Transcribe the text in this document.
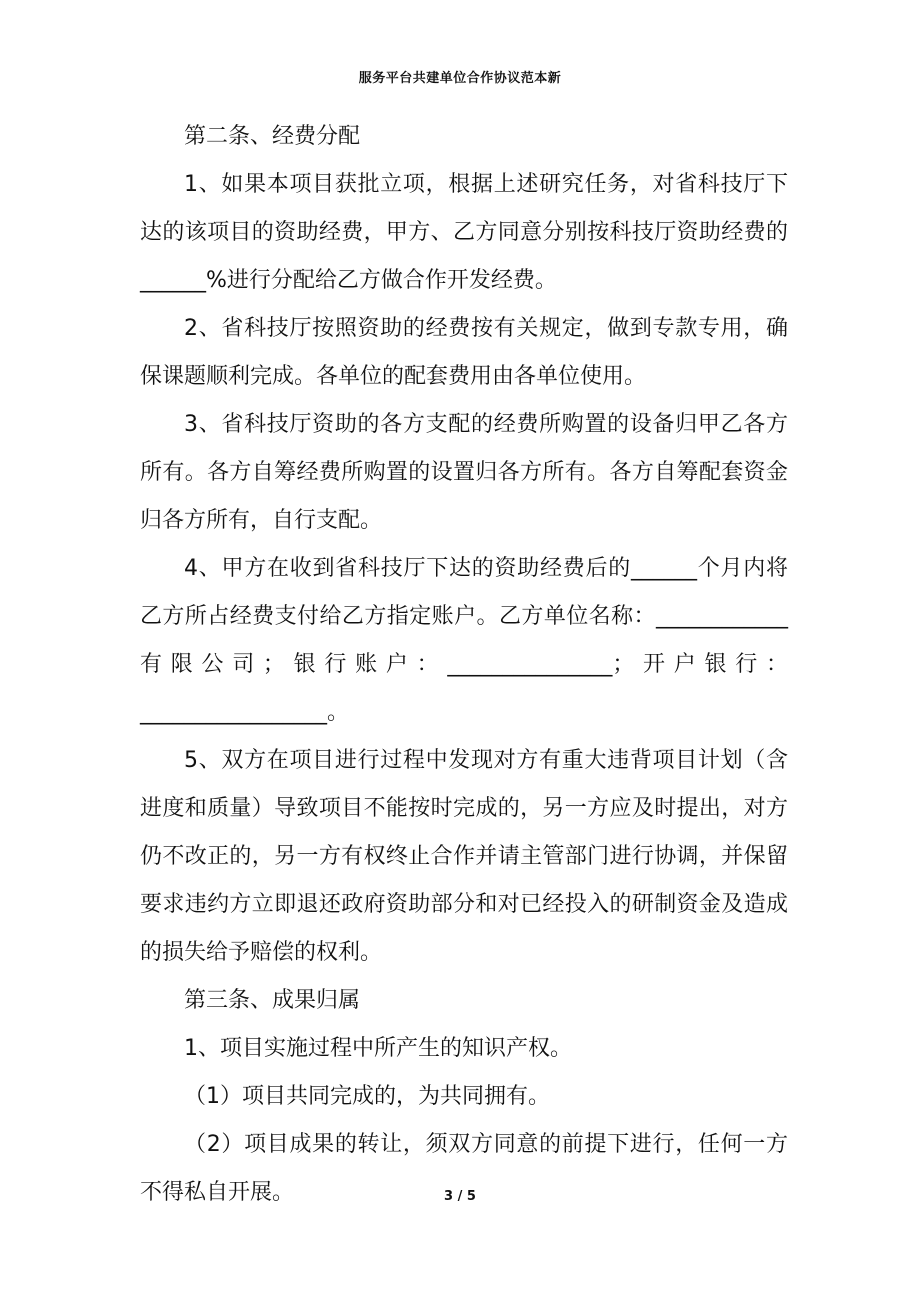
服务平台共建单位合作协议范本新

第二条、经费分配

1、如果本项目获批立项，根据上述研究任务，对省科技厅下达的该项目的资助经费，甲方、乙方同意分别按科技厅资助经费的______%进行分配给乙方做合作开发经费。

2、省科技厅按照资助的经费按有关规定，做到专款专用，确保课题顺利完成。各单位的配套费用由各单位使用。

3、省科技厅资助的各方支配的经费所购置的设备归甲乙各方所有。各方自筹经费所购置的设置归各方所有。各方自筹配套资金归各方所有，自行支配。

4、甲方在收到省科技厅下达的资助经费后的______个月内将乙方所占经费支付给乙方指定账户。乙方单位名称：____________有限公司；银行账户：_______________；开户银行：_________________。

5、双方在项目进行过程中发现对方有重大违背项目计划（含进度和质量）导致项目不能按时完成的，另一方应及时提出，对方仍不改正的，另一方有权终止合作并请主管部门进行协调，并保留要求违约方立即退还政府资助部分和对已经投入的研制资金及造成的损失给予赔偿的权利。

第三条、成果归属

1、项目实施过程中所产生的知识产权。

（1）项目共同完成的，为共同拥有。

（2）项目成果的转让，须双方同意的前提下进行，任何一方不得私自开展。	3 / 5
